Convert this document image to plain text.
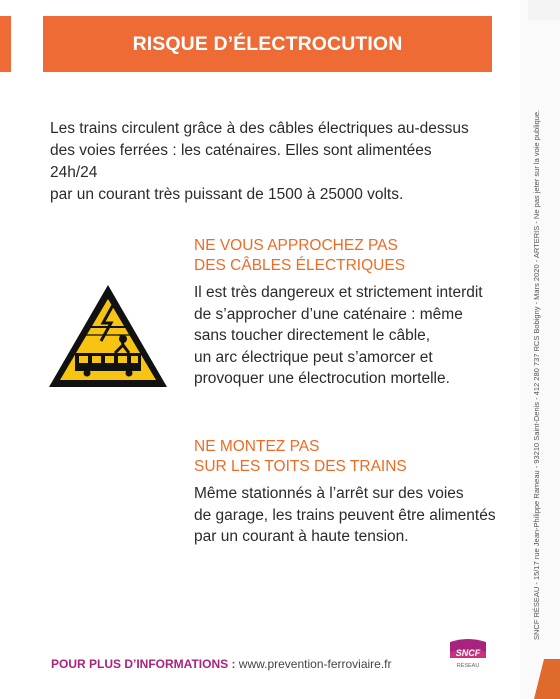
RISQUE D’ÉLECTROCUTION
Les trains circulent grâce à des câbles électriques au-dessus
des voies ferrées : les caténaires. Elles sont alimentées 24h/24
par un courant très puissant de 1500 à 25000 volts.
NE VOUS APPROCHEZ PAS
DES CÂBLES ÉLECTRIQUES
Il est très dangereux et strictement interdit
de s’approcher d’une caténaire : même
sans toucher directement le câble,
un arc électrique peut s’amorcer et
provoquer une électrocution mortelle.
NE MONTEZ PAS
SUR LES TOITS DES TRAINS
Même stationnés à l’arrêt sur des voies
de garage, les trains peuvent être alimentés
par un courant à haute tension.
POUR PLUS D’INFORMATIONS : www.prevention-ferroviaire.fr
SNCF
RÉSEAU
SNCF RÉSEAU - 15/17 rue Jean-Philippe Rameau - 93210 Saint-Denis - 412 280 737 RCS Bobigny - Mars 2020 - ARTERIS - Ne pas jeter sur la voie publique.
